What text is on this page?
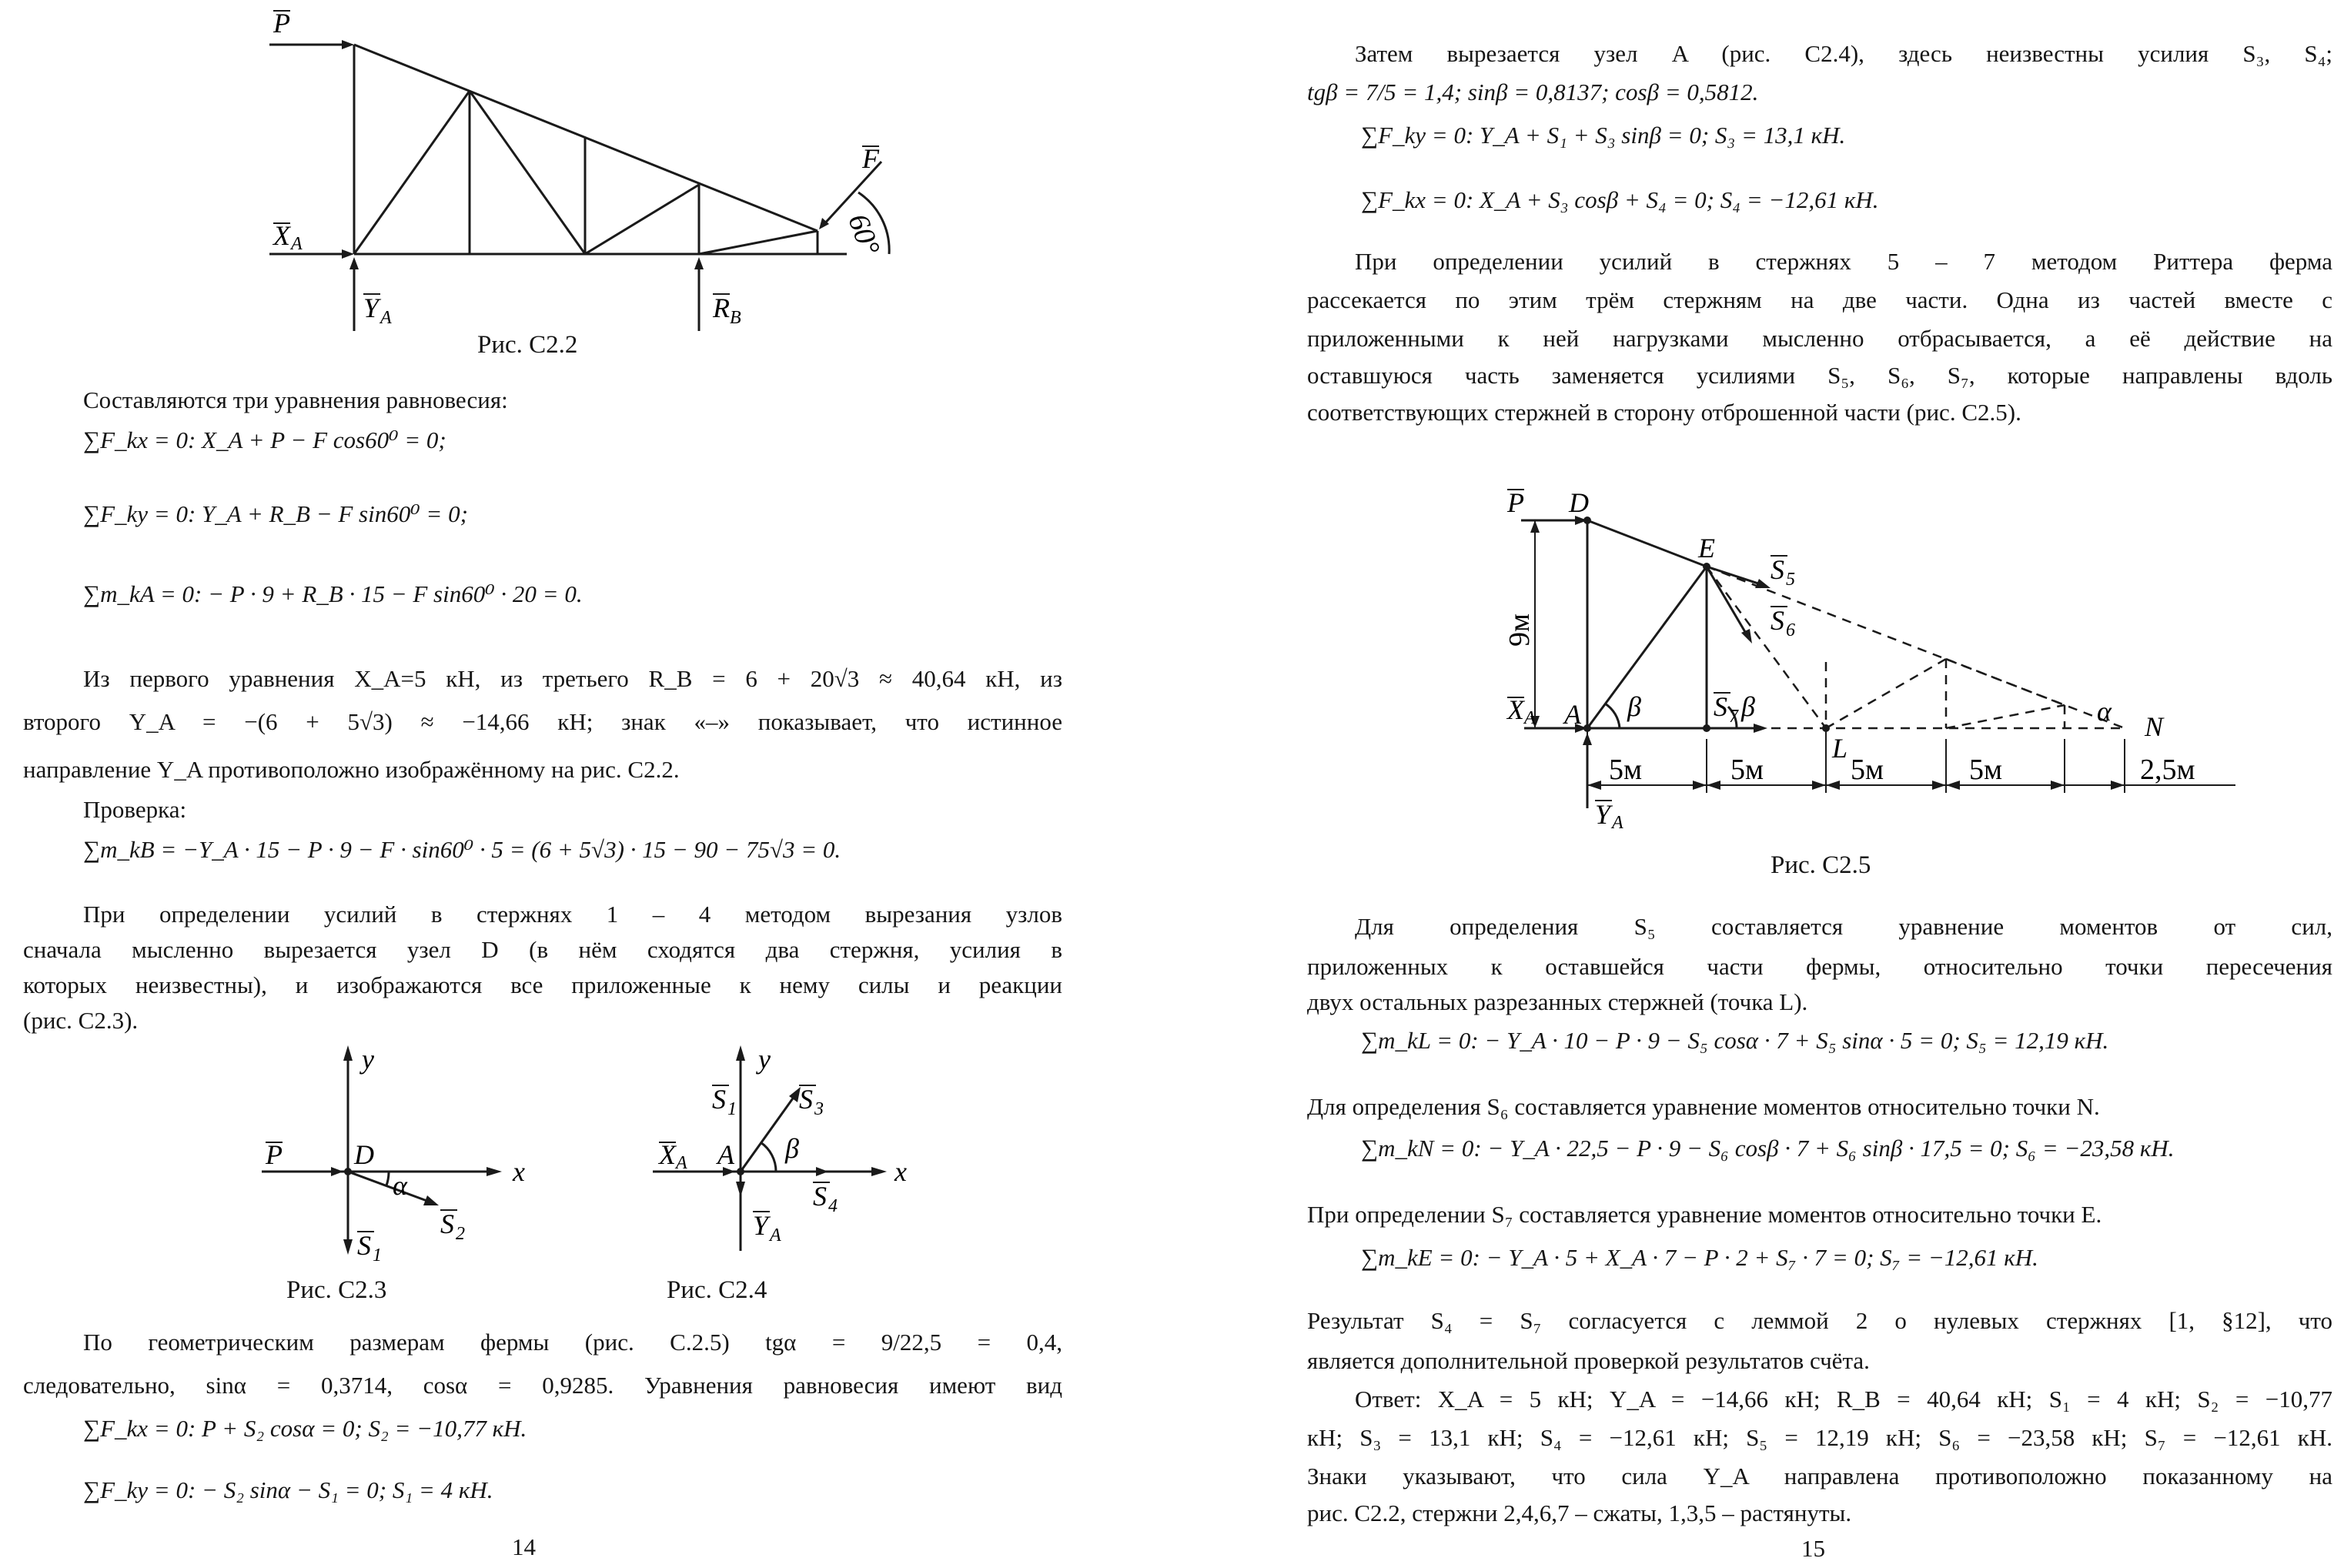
P
F
X A
Y A	R B
60°
Рис. С2.2
Составляются три уравнения равновесия:
∑F_kx = 0: X_A + P − F cos60⁰ = 0;
∑F_ky = 0: Y_A + R_B − F sin60⁰ = 0;
∑m_kA = 0: − P · 9 + R_B · 15 − F sin60⁰ · 20 = 0.
Из первого уравнения X_A=5 кН, из третьего R_B = 6 + 20√3 ≈ 40,64 кН, из
второго Y_A = −(6 + 5√3) ≈ −14,66 кН; знак «–» показывает, что истинное
направление Y_A противоположно изображённому на рис. С2.2.
Проверка:
∑m_kB = −Y_A · 15 − P · 9 − F · sin60⁰ · 5 = (6 + 5√3) · 15 − 90 − 75√3 = 0.
При определении усилий в стержнях 1 – 4 методом вырезания узлов
сначала мысленно вырезается узел D (в нём сходятся два стержня, усилия в
которых неизвестны), и изображаются все приложенные к нему силы и реакции
(рис. С2.3).
y
x
P	D
α
S 2
S 1
Рис. С2.3
y
x
S 1 S 3
β
X A A
S 4
Y A
Рис. С2.4
По геометрическим размерам фермы (рис. С.2.5) tgα = 9/22,5 = 0,4,
следовательно, sinα = 0,3714, cosα = 0,9285. Уравнения равновесия имеют вид
∑F_kx = 0: P + S₂ cosα = 0; S₂ = −10,77 кН.
∑F_ky = 0: − S₂ sinα − S₁ = 0; S₁ = 4 кН.
14
Затем вырезается узел A (рис. С2.4), здесь неизвестны усилия S₃, S₄;
tgβ = 7/5 = 1,4; sinβ = 0,8137; cosβ = 0,5812.
∑F_ky = 0: Y_A + S₁ + S₃ sinβ = 0; S₃ = 13,1 кН.
∑F_kx = 0: X_A + S₃ cosβ + S₄ = 0; S₄ = −12,61 кН.
При определении усилий в стержнях 5 – 7 методом Риттера ферма
рассекается по этим трём стержням на две части. Одна из частей вместе с
приложенными к ней нагрузками мысленно отбрасывается, а её действие на
оставшуюся часть заменяется усилиями S₅, S₆, S₇, которые направлены вдоль
соответствующих стержней в сторону отброшенной части (рис. С2.5).
P D
E
S 5
S 6
S 7
X A A
Y A
L
N
β	β	α
9м
5м	5м	5м	5м	2,5м
Рис. С2.5
Для определения S₅ составляется уравнение моментов от сил,
приложенных к оставшейся части фермы, относительно точки пересечения
двух остальных разрезанных стержней (точка L).
∑m_kL = 0: − Y_A · 10 − P · 9 − S₅ cosα · 7 + S₅ sinα · 5 = 0; S₅ = 12,19 кН.
Для определения S₆ составляется уравнение моментов относительно точки N.
∑m_kN = 0: − Y_A · 22,5 − P · 9 − S₆ cosβ · 7 + S₆ sinβ · 17,5 = 0; S₆ = −23,58 кН.
При определении S₇ составляется уравнение моментов относительно точки E.
∑m_kE = 0: − Y_A · 5 + X_A · 7 − P · 2 + S₇ · 7 = 0; S₇ = −12,61 кН.
Результат S₄ = S₇ согласуется с леммой 2 о нулевых стержнях [1, §12], что
является дополнительной проверкой результатов счёта.
Ответ: X_A = 5 кН; Y_A = −14,66 кН; R_B = 40,64 кН; S₁ = 4 кН; S₂ = −10,77
кН; S₃ = 13,1 кН; S₄ = −12,61 кН; S₅ = 12,19 кН; S₆ = −23,58 кН; S₇ = −12,61 кН.
Знаки указывают, что сила Y_A направлена противоположно показанному на
рис. С2.2, стержни 2,4,6,7 – сжаты, 1,3,5 – растянуты.
15
